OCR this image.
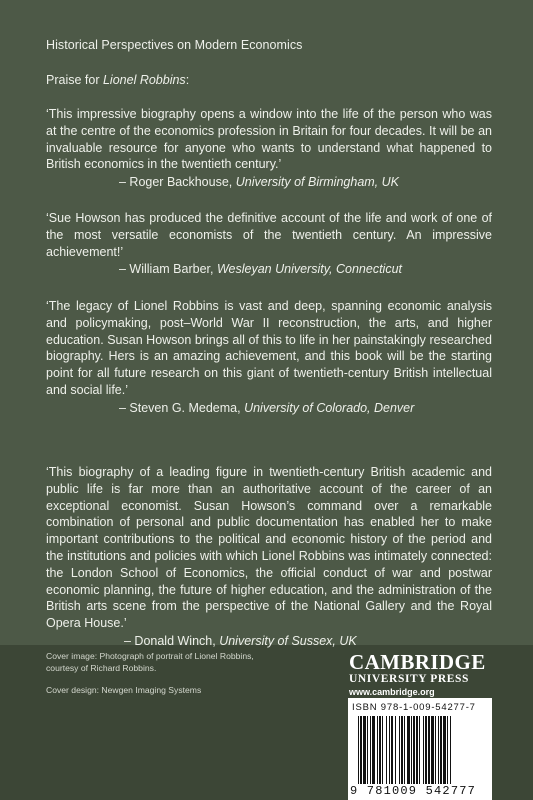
Historical Perspectives on Modern Economics
Praise for Lionel Robbins:

‘This impressive biography opens a window into the life of the person who was at the centre of the economics profession in Britain for four decades. It will be an invaluable resource for anyone who wants to understand what happened to British economics in the twentieth century.’

– Roger Backhouse, University of Birmingham, UK

‘Sue Howson has produced the definitive account of the life and work of one of the most versatile economists of the twentieth century. An impressive achievement!’

– William Barber, Wesleyan University, Connecticut

‘The legacy of Lionel Robbins is vast and deep, spanning economic analysis and policymaking, post–World War II reconstruction, the arts, and higher education. Susan Howson brings all of this to life in her painstakingly researched biography. Hers is an amazing achievement, and this book will be the starting point for all future research on this giant of twentieth-century British intellectual and social life.’

– Steven G. Medema, University of Colorado, Denver

‘This biography of a leading figure in twentieth-century British academic and public life is far more than an authoritative account of the career of an exceptional economist. Susan Howson’s command over a remarkable combination of personal and public documentation has enabled her to make important contributions to the political and economic history of the period and the institutions and policies with which Lionel Robbins was intimately connected: the London School of Economics, the official conduct of war and postwar economic planning, the future of higher education, and the administration of the British arts scene from the perspective of the National Gallery and the Royal Opera House.’

– Donald Winch, University of Sussex, UK
Cover image: Photograph of portrait of Lionel Robbins,
courtesy of Richard Robbins.
Cover design: Newgen Imaging Systems
CAMBRIDGE
UNIVERSITY PRESS
www.cambridge.org
ISBN 978-1-009-54277-7
9 781009 542777
